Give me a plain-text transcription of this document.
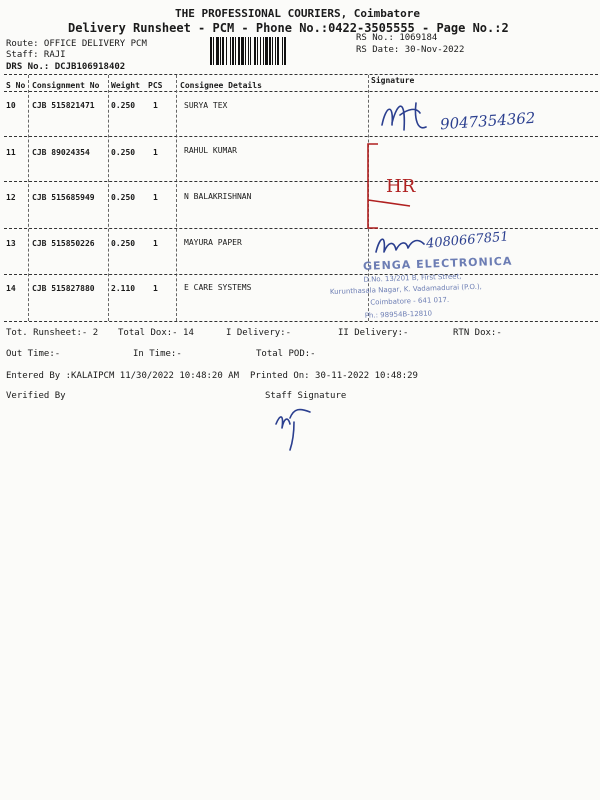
THE PROFESSIONAL COURIERS, Coimbatore
Delivery Runsheet - PCM - Phone No.:0422-3505555 - Page No.:2
Route: OFFICE DELIVERY PCM
Staff: RAJI
DRS No.: DCJB106918402
RS No.: 1069184
RS Date: 30-Nov-2022
S No Consignment No Weight PCS Consignee Details
Signature
10 CJB 515821471 0.250 1	SURYA TEX
11 CJB 89024354	0.250 1	RAHUL KUMAR
12 CJB 515685949 0.250 1	N BALAKRISHNAN
13 CJB 515850226 0.250 1	MAYURA PAPER
14 CJB 515827880 2.110 1	E CARE SYSTEMS
9047354362
HR
4080667851
GENGA ELECTRONICA
D.No. 13/201 B, First Street,
Kurunthasala Nagar, K. Vadamadurai (P.O.),
Coimbatore - 641 017.
Ph.: 98954B-12810
Tot. Runsheet:- 2 Total Dox:- 14	I Delivery:-	II Delivery:-	RTN Dox:-
Out Time:-	In Time:-	Total POD:-
Entered By :KALAIPCM 11/30/2022 10:48:20 AM Printed On: 30-11-2022 10:48:29
Verified By	Staff Signature
